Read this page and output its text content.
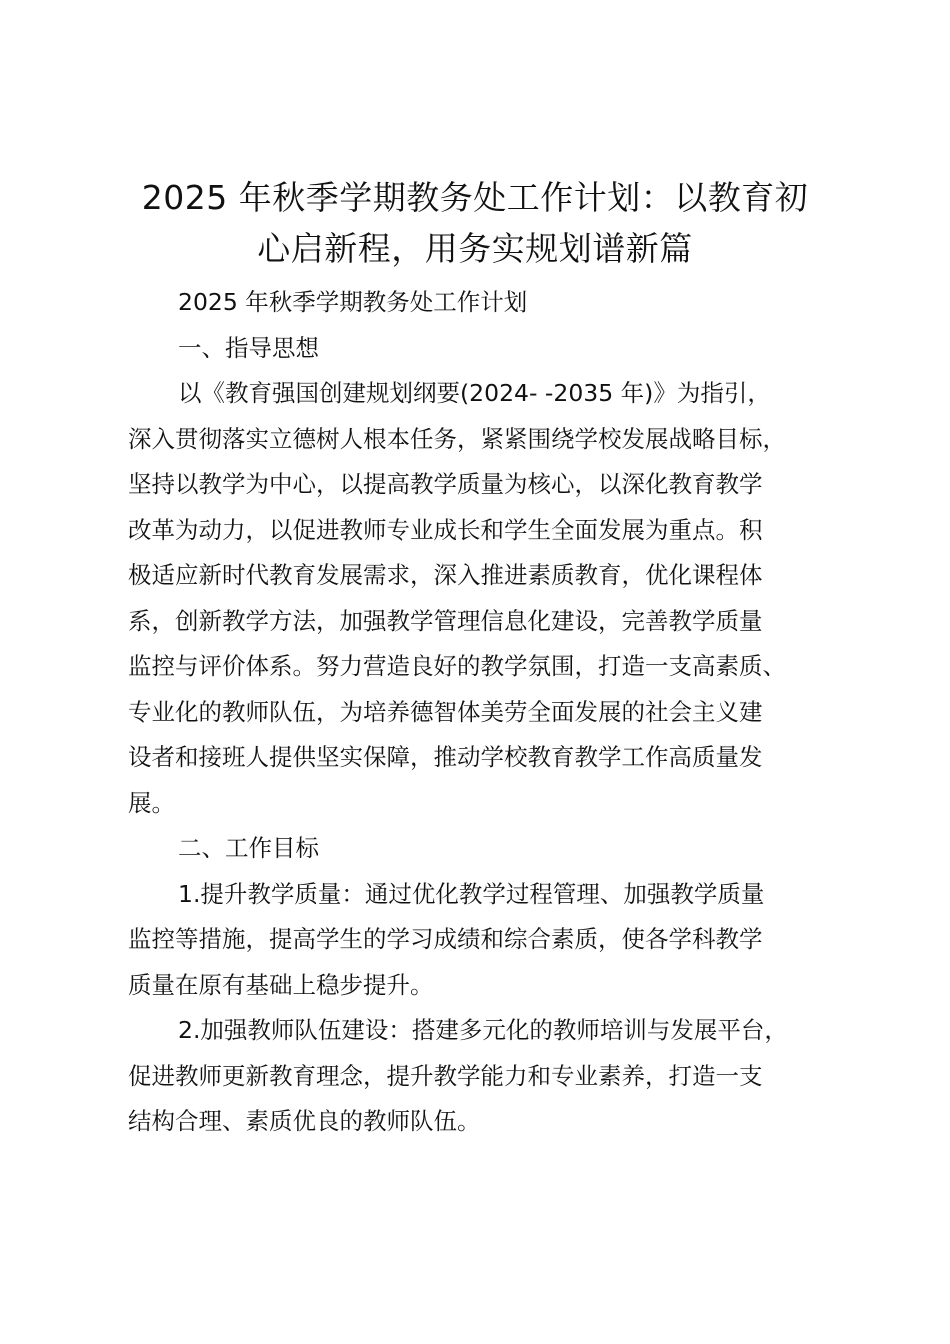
2025 年秋季学期教务处工作计划：以教育初
心启新程，用务实规划谱新篇

2025 年秋季学期教务处工作计划

一、指导思想

以《教育强国创建规划纲要(2024- -2035 年)》为指引，
深入贯彻落实立德树人根本任务，紧紧围绕学校发展战略目标，
坚持以教学为中心，以提高教学质量为核心，以深化教育教学
改革为动力，以促进教师专业成长和学生全面发展为重点。积
极适应新时代教育发展需求，深入推进素质教育，优化课程体
系，创新教学方法，加强教学管理信息化建设，完善教学质量
监控与评价体系。努力营造良好的教学氛围，打造一支高素质、
专业化的教师队伍，为培养德智体美劳全面发展的社会主义建
设者和接班人提供坚实保障，推动学校教育教学工作高质量发
展。

二、工作目标

1.提升教学质量：通过优化教学过程管理、加强教学质量
监控等措施，提高学生的学习成绩和综合素质，使各学科教学
质量在原有基础上稳步提升。

2.加强教师队伍建设：搭建多元化的教师培训与发展平台，
促进教师更新教育理念，提升教学能力和专业素养，打造一支
结构合理、素质优良的教师队伍。
